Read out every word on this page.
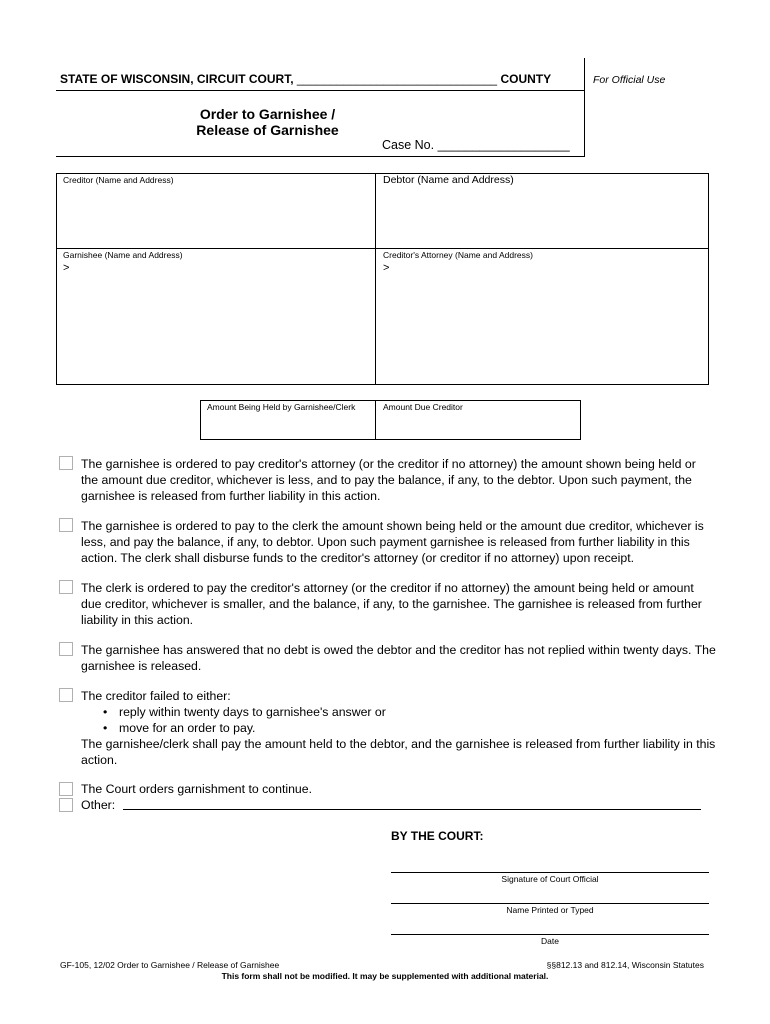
STATE OF WISCONSIN, CIRCUIT COURT, ______________________________ COUNTY	For Official Use
Order to Garnishee /
Release of Garnishee
Case No. ___________________
Creditor (Name and Address)	Debtor (Name and Address)
Garnishee (Name and Address)
>
Creditor's Attorney (Name and Address)
>
Amount Being Held by Garnishee/Clerk	Amount Due Creditor

The garnishee is ordered to pay creditor's attorney (or the creditor if no attorney) the amount shown being held or the amount due creditor, whichever is less, and to pay the balance, if any, to the debtor. Upon such payment, the garnishee is released from further liability in this action.

The garnishee is ordered to pay to the clerk the amount shown being held or the amount due creditor, whichever is less, and pay the balance, if any, to debtor. Upon such payment garnishee is released from further liability in this action. The clerk shall disburse funds to the creditor's attorney (or creditor if no attorney) upon receipt.

The clerk is ordered to pay the creditor's attorney (or the creditor if no attorney) the amount being held or amount due creditor, whichever is smaller, and the balance, if any, to the garnishee. The garnishee is released from further liability in this action.

The garnishee has answered that no debt is owed the debtor and the creditor has not replied within twenty days. The garnishee is released.

The creditor failed to either:

• reply within twenty days to garnishee's answer or

• move for an order to pay.

The garnishee/clerk shall pay the amount held to the debtor, and the garnishee is released from further liability in this action.

The Court orders garnishment to continue.
Other:
BY THE COURT:
Signature of Court Official
Name Printed or Typed
Date
GF-105, 12/02 Order to Garnishee / Release of Garnishee	§§812.13 and 812.14, Wisconsin Statutes
This form shall not be modified. It may be supplemented with additional material.
